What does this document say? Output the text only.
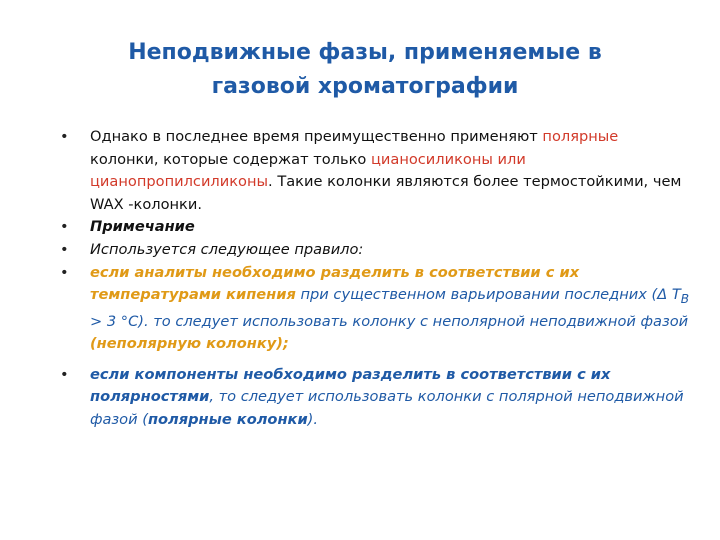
Неподвижные фазы, применяемые в
газовой хроматографии
• Однако в последнее время преимущественно применяют полярные колонки, которые содержат только цианосиликоны или цианопропилсиликоны. Такие колонки являются более термостойкими, чем WAX -колонки.
• Примечание
• Используется следующее правило:
• если аналиты необходимо разделить в соответствии с их температурами кипения при существенном варьировании последних (Δ $T_B > 3$ °С). то следует использовать колонку с неполярной неподвижной фазой (неполярную колонку);
• если компоненты необходимо разделить в соответствии с их полярностями, то следует использовать колонки с полярной неподвижной фазой (полярные колонки).
